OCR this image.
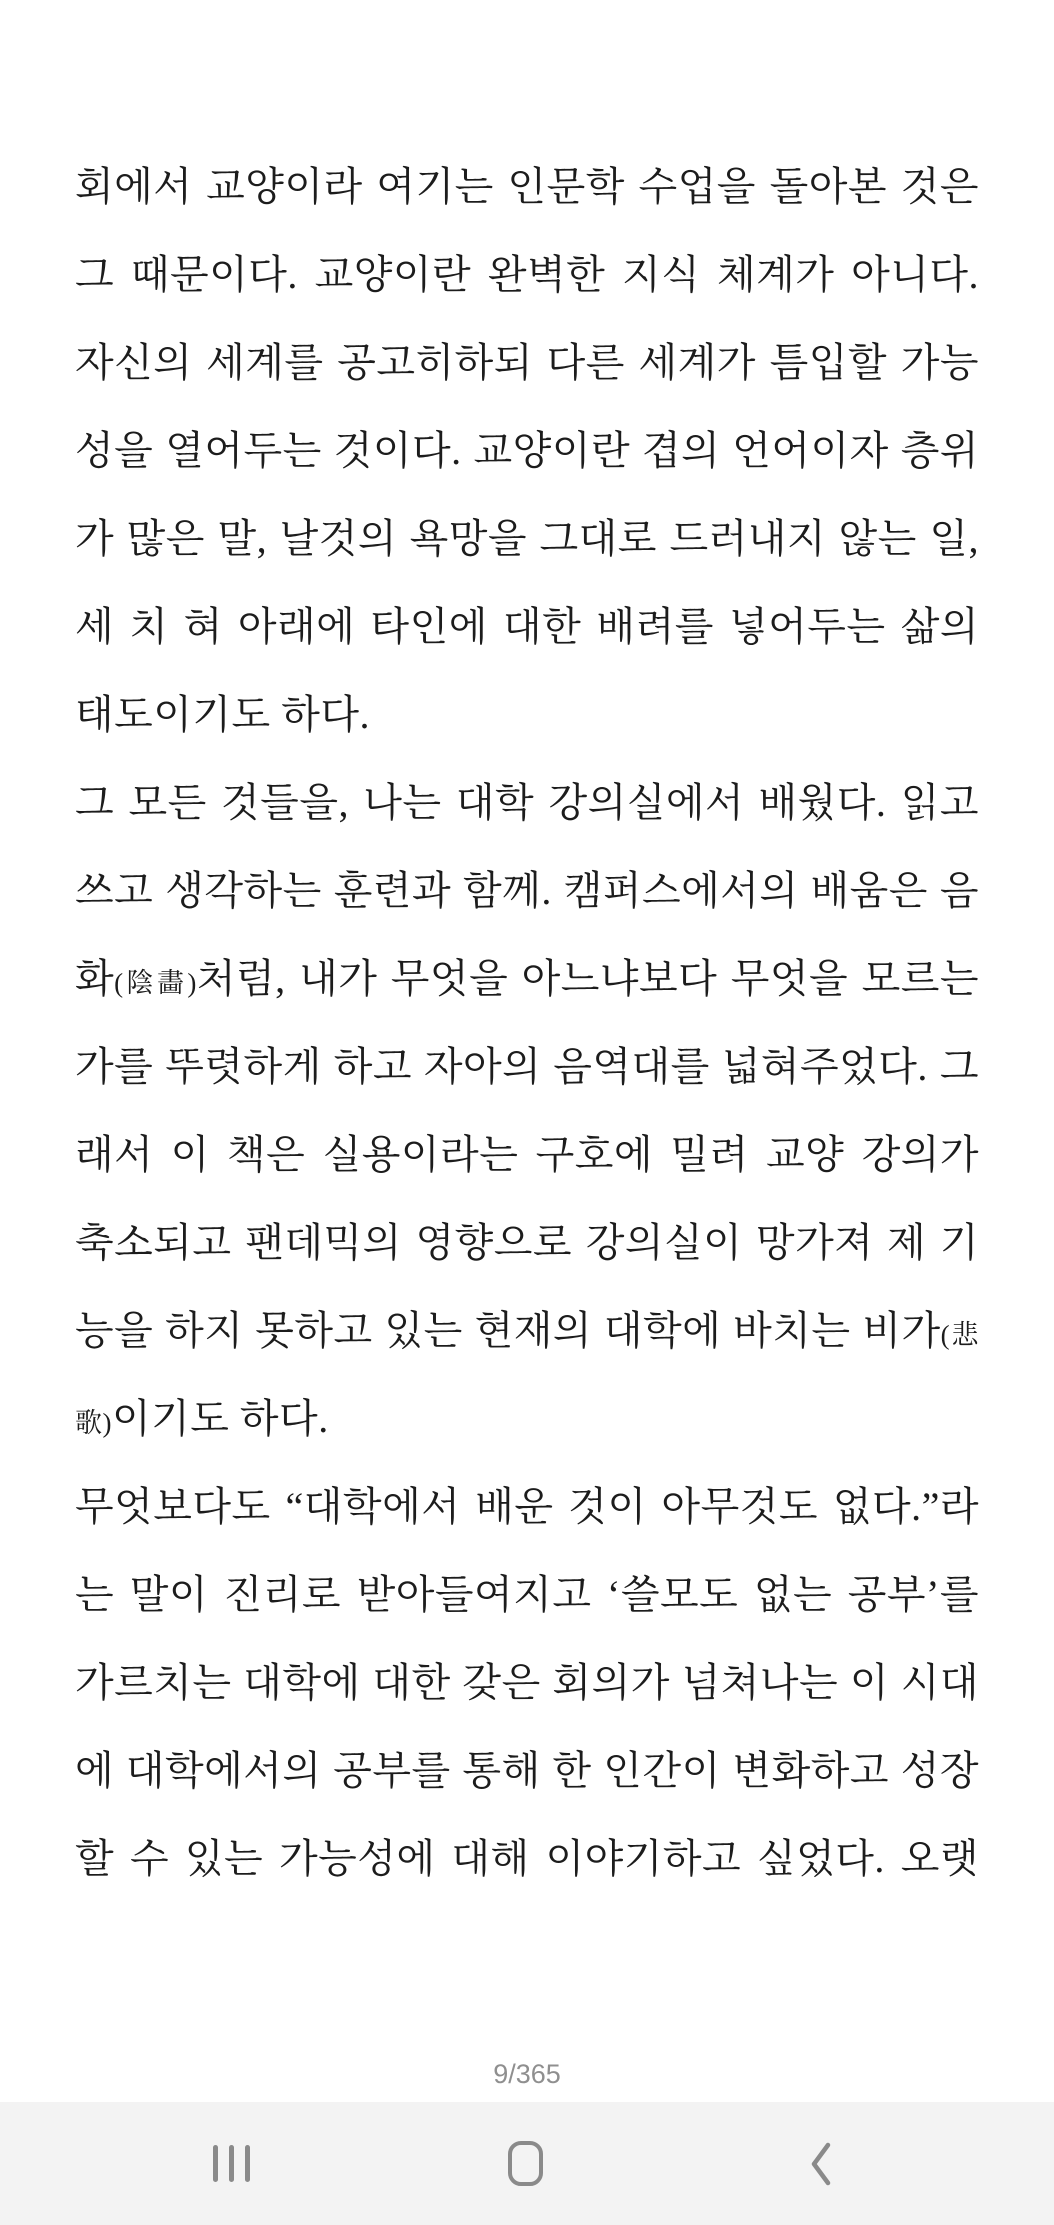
회에서 교양이라 여기는 인문학 수업을 돌아본 것은
그 때문이다. 교양이란 완벽한 지식 체계가 아니다.
자신의 세계를 공고히하되 다른 세계가 틈입할 가능
성을 열어두는 것이다. 교양이란 겹의 언어이자 층위
가 많은 말, 날것의 욕망을 그대로 드러내지 않는 일,
세 치 혀 아래에 타인에 대한 배려를 넣어두는 삶의
태도이기도 하다.
그 모든 것들을, 나는 대학 강의실에서 배웠다. 읽고
쓰고 생각하는 훈련과 함께. 캠퍼스에서의 배움은 음
화(陰畵)처럼, 내가 무엇을 아느냐보다 무엇을 모르는
가를 뚜렷하게 하고 자아의 음역대를 넓혀주었다. 그
래서 이 책은 실용이라는 구호에 밀려 교양 강의가
축소되고 팬데믹의 영향으로 강의실이 망가져 제 기
능을 하지 못하고 있는 현재의 대학에 바치는 비가(悲
歌)이기도 하다.
무엇보다도 “대학에서 배운 것이 아무것도 없다.”라
는 말이 진리로 받아들여지고 ‘쓸모도 없는 공부’를
가르치는 대학에 대한 갖은 회의가 넘쳐나는 이 시대
에 대학에서의 공부를 통해 한 인간이 변화하고 성장
할 수 있는 가능성에 대해 이야기하고 싶었다. 오랫
9/365
